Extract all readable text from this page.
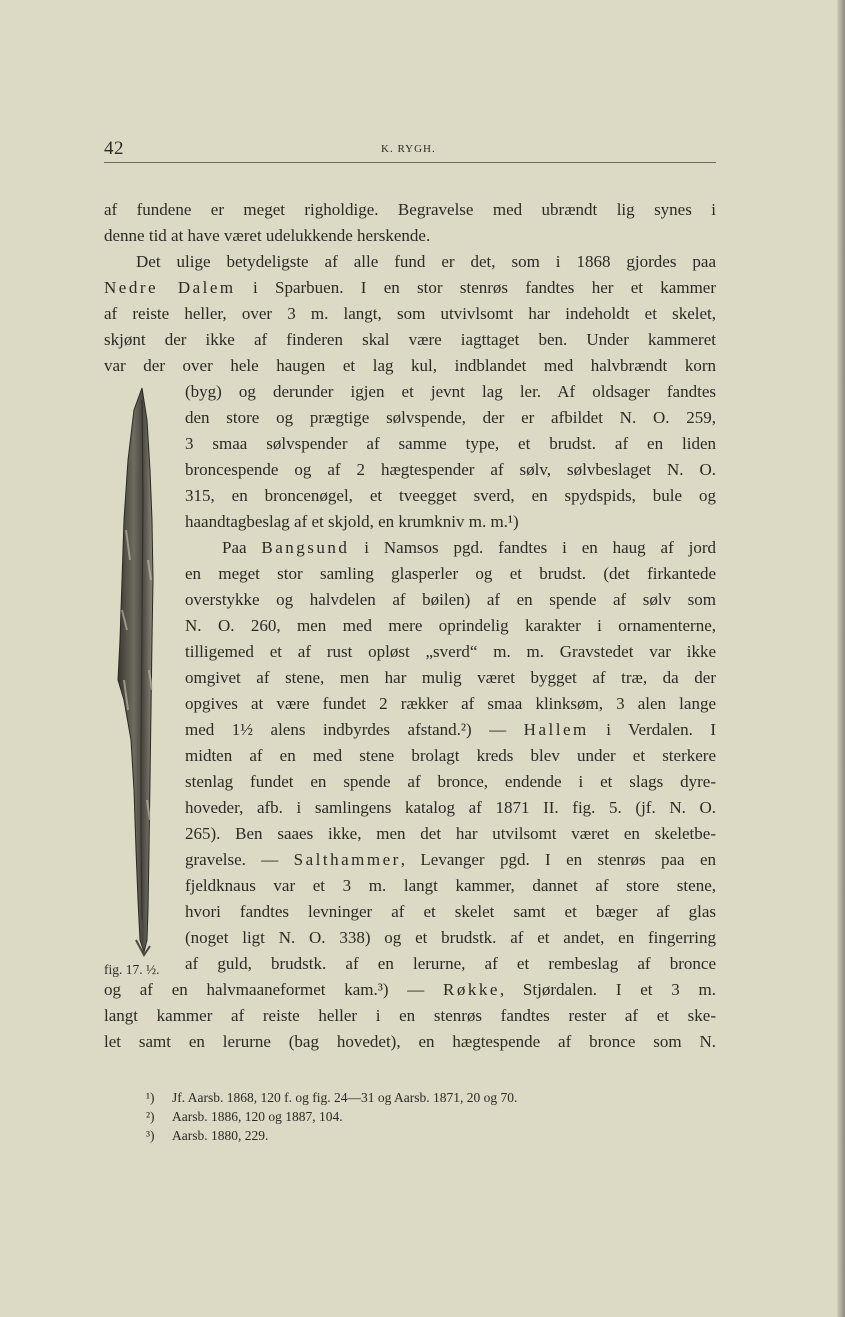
42	K. RYGH.
af fundene er meget righoldige. Begravelse med ubrændt lig synes i
denne tid at have været udelukkende herskende.
Det ulige betydeligste af alle fund er det, som i 1868 gjordes paa
Nedre Dalem i Sparbuen. I en stor stenrøs fandtes her et kammer
af reiste heller, over 3 m. langt, som utvivlsomt har indeholdt et skelet,
skjønt der ikke af finderen skal være iagttaget ben. Under kammeret
var der over hele haugen et lag kul, indblandet med halvbrændt korn
(byg) og derunder igjen et jevnt lag ler. Af oldsager fandtes
den store og prægtige sølvspende, der er afbildet N. O. 259,
3 smaa sølvspender af samme type, et brudst. af en liden
broncespende og af 2 hægtespender af sølv, sølvbeslaget N. O.
315, en broncenøgel, et tveegget sverd, en spydspids, bule og
haandtagbeslag af et skjold, en krumkniv m. m.¹)
Paa Bangsund i Namsos pgd. fandtes i en haug af jord
en meget stor samling glasperler og et brudst. (det firkantede
overstykke og halvdelen af bøilen) af en spende af sølv som
N. O. 260, men med mere oprindelig karakter i ornamenterne,
tilligemed et af rust opløst „sverd“ m. m. Gravstedet var ikke
omgivet af stene, men har mulig været bygget af træ, da der
opgives at være fundet 2 rækker af smaa klinksøm, 3 alen lange
med 1½ alens indbyrdes afstand.²) — Hallem i Verdalen. I
midten af en med stene brolagt kreds blev under et sterkere
stenlag fundet en spende af bronce, endende i et slags dyre-
hoveder, afb. i samlingens katalog af 1871 II. fig. 5. (jf. N. O.
265). Ben saaes ikke, men det har utvilsomt været en skeletbe-
gravelse. — Salthammer, Levanger pgd. I en stenrøs paa en
fjeldknaus var et 3 m. langt kammer, dannet af store stene,
hvori fandtes levninger af et skelet samt et bæger af glas
(noget ligt N. O. 338) og et brudstk. af et andet, en fingerring
af guld, brudstk. af en lerurne, af et rembeslag af bronce
og af en halvmaaneformet kam.³) — Røkke, Stjørdalen. I et 3 m.
langt kammer af reiste heller i en stenrøs fandtes rester af et ske-
let samt en lerurne (bag hovedet), en hægtespende af bronce som N.
fig. 17. ½.
¹) Jf. Aarsb. 1868, 120 f. og fig. 24—31 og Aarsb. 1871, 20 og 70.
²) Aarsb. 1886, 120 og 1887, 104.
³) Aarsb. 1880, 229.
